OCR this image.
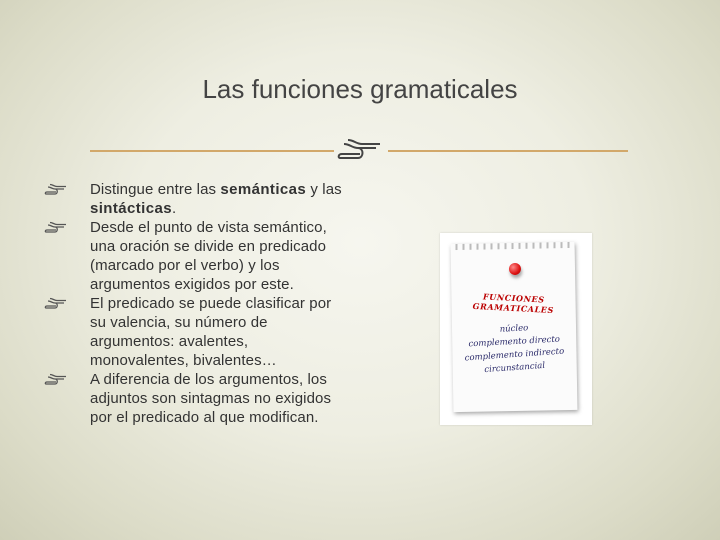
Las funciones gramaticales
Distingue entre las semánticas y las sintácticas.
Desde el punto de vista semántico, una oración se divide en predicado (marcado por el verbo) y los argumentos exigidos por este.
El predicado se puede clasificar por su valencia, su número de argumentos: avalentes, monovalentes, bivalentes…
A diferencia de los argumentos, los adjuntos son sintagmas no exigidos por el predicado al que modifican.
FUNCIONES
GRAMATICALES
núcleo
complemento directo
complemento indirecto
circunstancial
